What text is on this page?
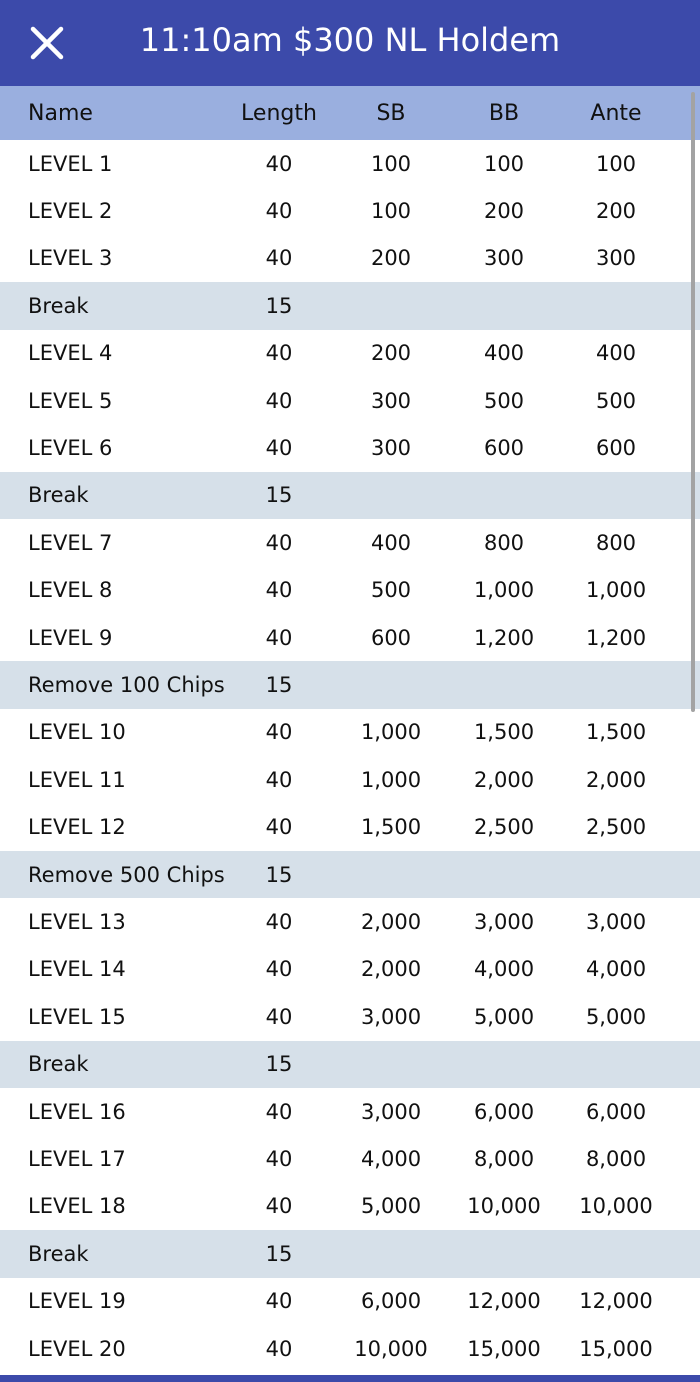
11:10am $300 NL Holdem
Name	Length	SB	BB	Ante
LEVEL 1	40	100	100	100
LEVEL 2	40	100	200	200
LEVEL 3	40	200	300	300
Break	15
LEVEL 4	40	200	400	400
LEVEL 5	40	300	500	500
LEVEL 6	40	300	600	600
Break	15
LEVEL 7	40	400	800	800
LEVEL 8	40	500	1,000	1,000
LEVEL 9	40	600	1,200	1,200
Remove 100 Chips	15
LEVEL 10	40	1,000	1,500	1,500
LEVEL 11	40	1,000	2,000	2,000
LEVEL 12	40	1,500	2,500	2,500
Remove 500 Chips	15
LEVEL 13	40	2,000	3,000	3,000
LEVEL 14	40	2,000	4,000	4,000
LEVEL 15	40	3,000	5,000	5,000
Break	15
LEVEL 16	40	3,000	6,000	6,000
LEVEL 17	40	4,000	8,000	8,000
LEVEL 18	40	5,000	10,000	10,000
Break	15
LEVEL 19	40	6,000	12,000	12,000
LEVEL 20	40	10,000	15,000	15,000
